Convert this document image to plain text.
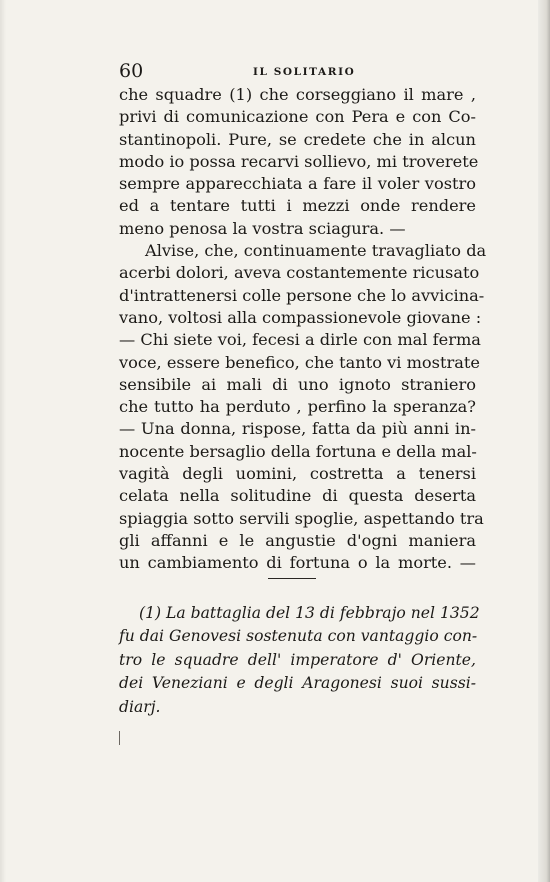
60	IL SOLITARIO
che squadre (1) che corseggiano il mare ,
privi di comunicazione con Pera e con Co-
stantinopoli. Pure, se credete che in alcun
modo io possa recarvi sollievo, mi troverete
sempre apparecchiata a fare il voler vostro
ed a tentare tutti i mezzi onde rendere
meno penosa la vostra sciagura. —
Alvise, che, continuamente travagliato da
acerbi dolori, aveva costantemente ricusato
d'intrattenersi colle persone che lo avvicina-
vano, voltosi alla compassionevole giovane :
— Chi siete voi, fecesi a dirle con mal ferma
voce, essere benefico, che tanto vi mostrate
sensibile ai mali di uno ignoto straniero
che tutto ha perduto , perfino la speranza?
— Una donna, rispose, fatta da più anni in-
nocente bersaglio della fortuna e della mal-
vagità degli uomini, costretta a tenersi
celata nella solitudine di questa deserta
spiaggia sotto servili spoglie, aspettando tra
gli affanni e le angustie d'ogni maniera
un cambiamento di fortuna o la morte. —
(1) La battaglia del 13 di febbrajo nel 1352
fu dai Genovesi sostenuta con vantaggio con-
tro le squadre dell' imperatore d' Oriente,
dei Veneziani e degli Aragonesi suoi sussi-
diarj.
